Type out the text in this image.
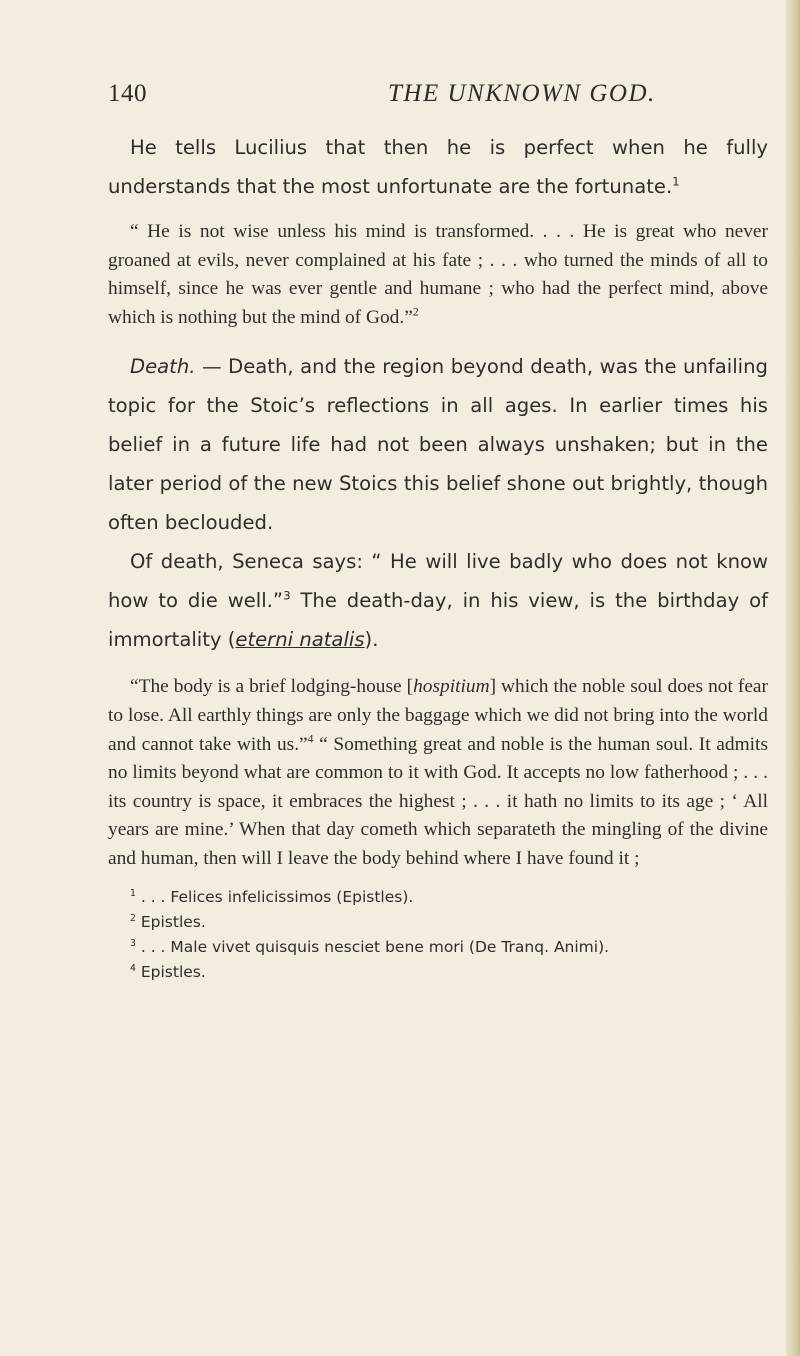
140	THE UNKNOWN GOD.

He tells Lucilius that then he is perfect when he fully understands that the most unfortunate are the fortunate.$^1$

“ He is not wise unless his mind is transformed. . . . He is great who never groaned at evils, never complained at his fate ; . . . who turned the minds of all to himself, since he was ever gentle and humane ; who had the perfect mind, above which is nothing but the mind of God.”$^2$

Death. — Death, and the region beyond death, was the unfailing topic for the Stoic’s reflections in all ages. In earlier times his belief in a future life had not been always unshaken; but in the later period of the new Stoics this belief shone out brightly, though often beclouded.

Of death, Seneca says: “ He will live badly who does not know how to die well.”$^3$ The death-day, in his view, is the birthday of immortality (eterni natalis).

“The body is a brief lodging-house [hospitium] which the noble soul does not fear to lose. All earthly things are only the baggage which we did not bring into the world and cannot take with us.”$^4$ “ Something great and noble is the human soul. It admits no limits beyond what are common to it with God. It accepts no low fatherhood ; . . . its country is space, it embraces the highest ; . . . it hath no limits to its age ; ‘ All years are mine.’ When that day cometh which separateth the mingling of the divine and human, then will I leave the body behind where I have found it ;

$^1$ . . . Felices infelicissimos (Epistles).

$^2$ Epistles.

$^3$ . . . Male vivet quisquis nesciet bene mori (De Tranq. Animi).

$^4$ Epistles.
